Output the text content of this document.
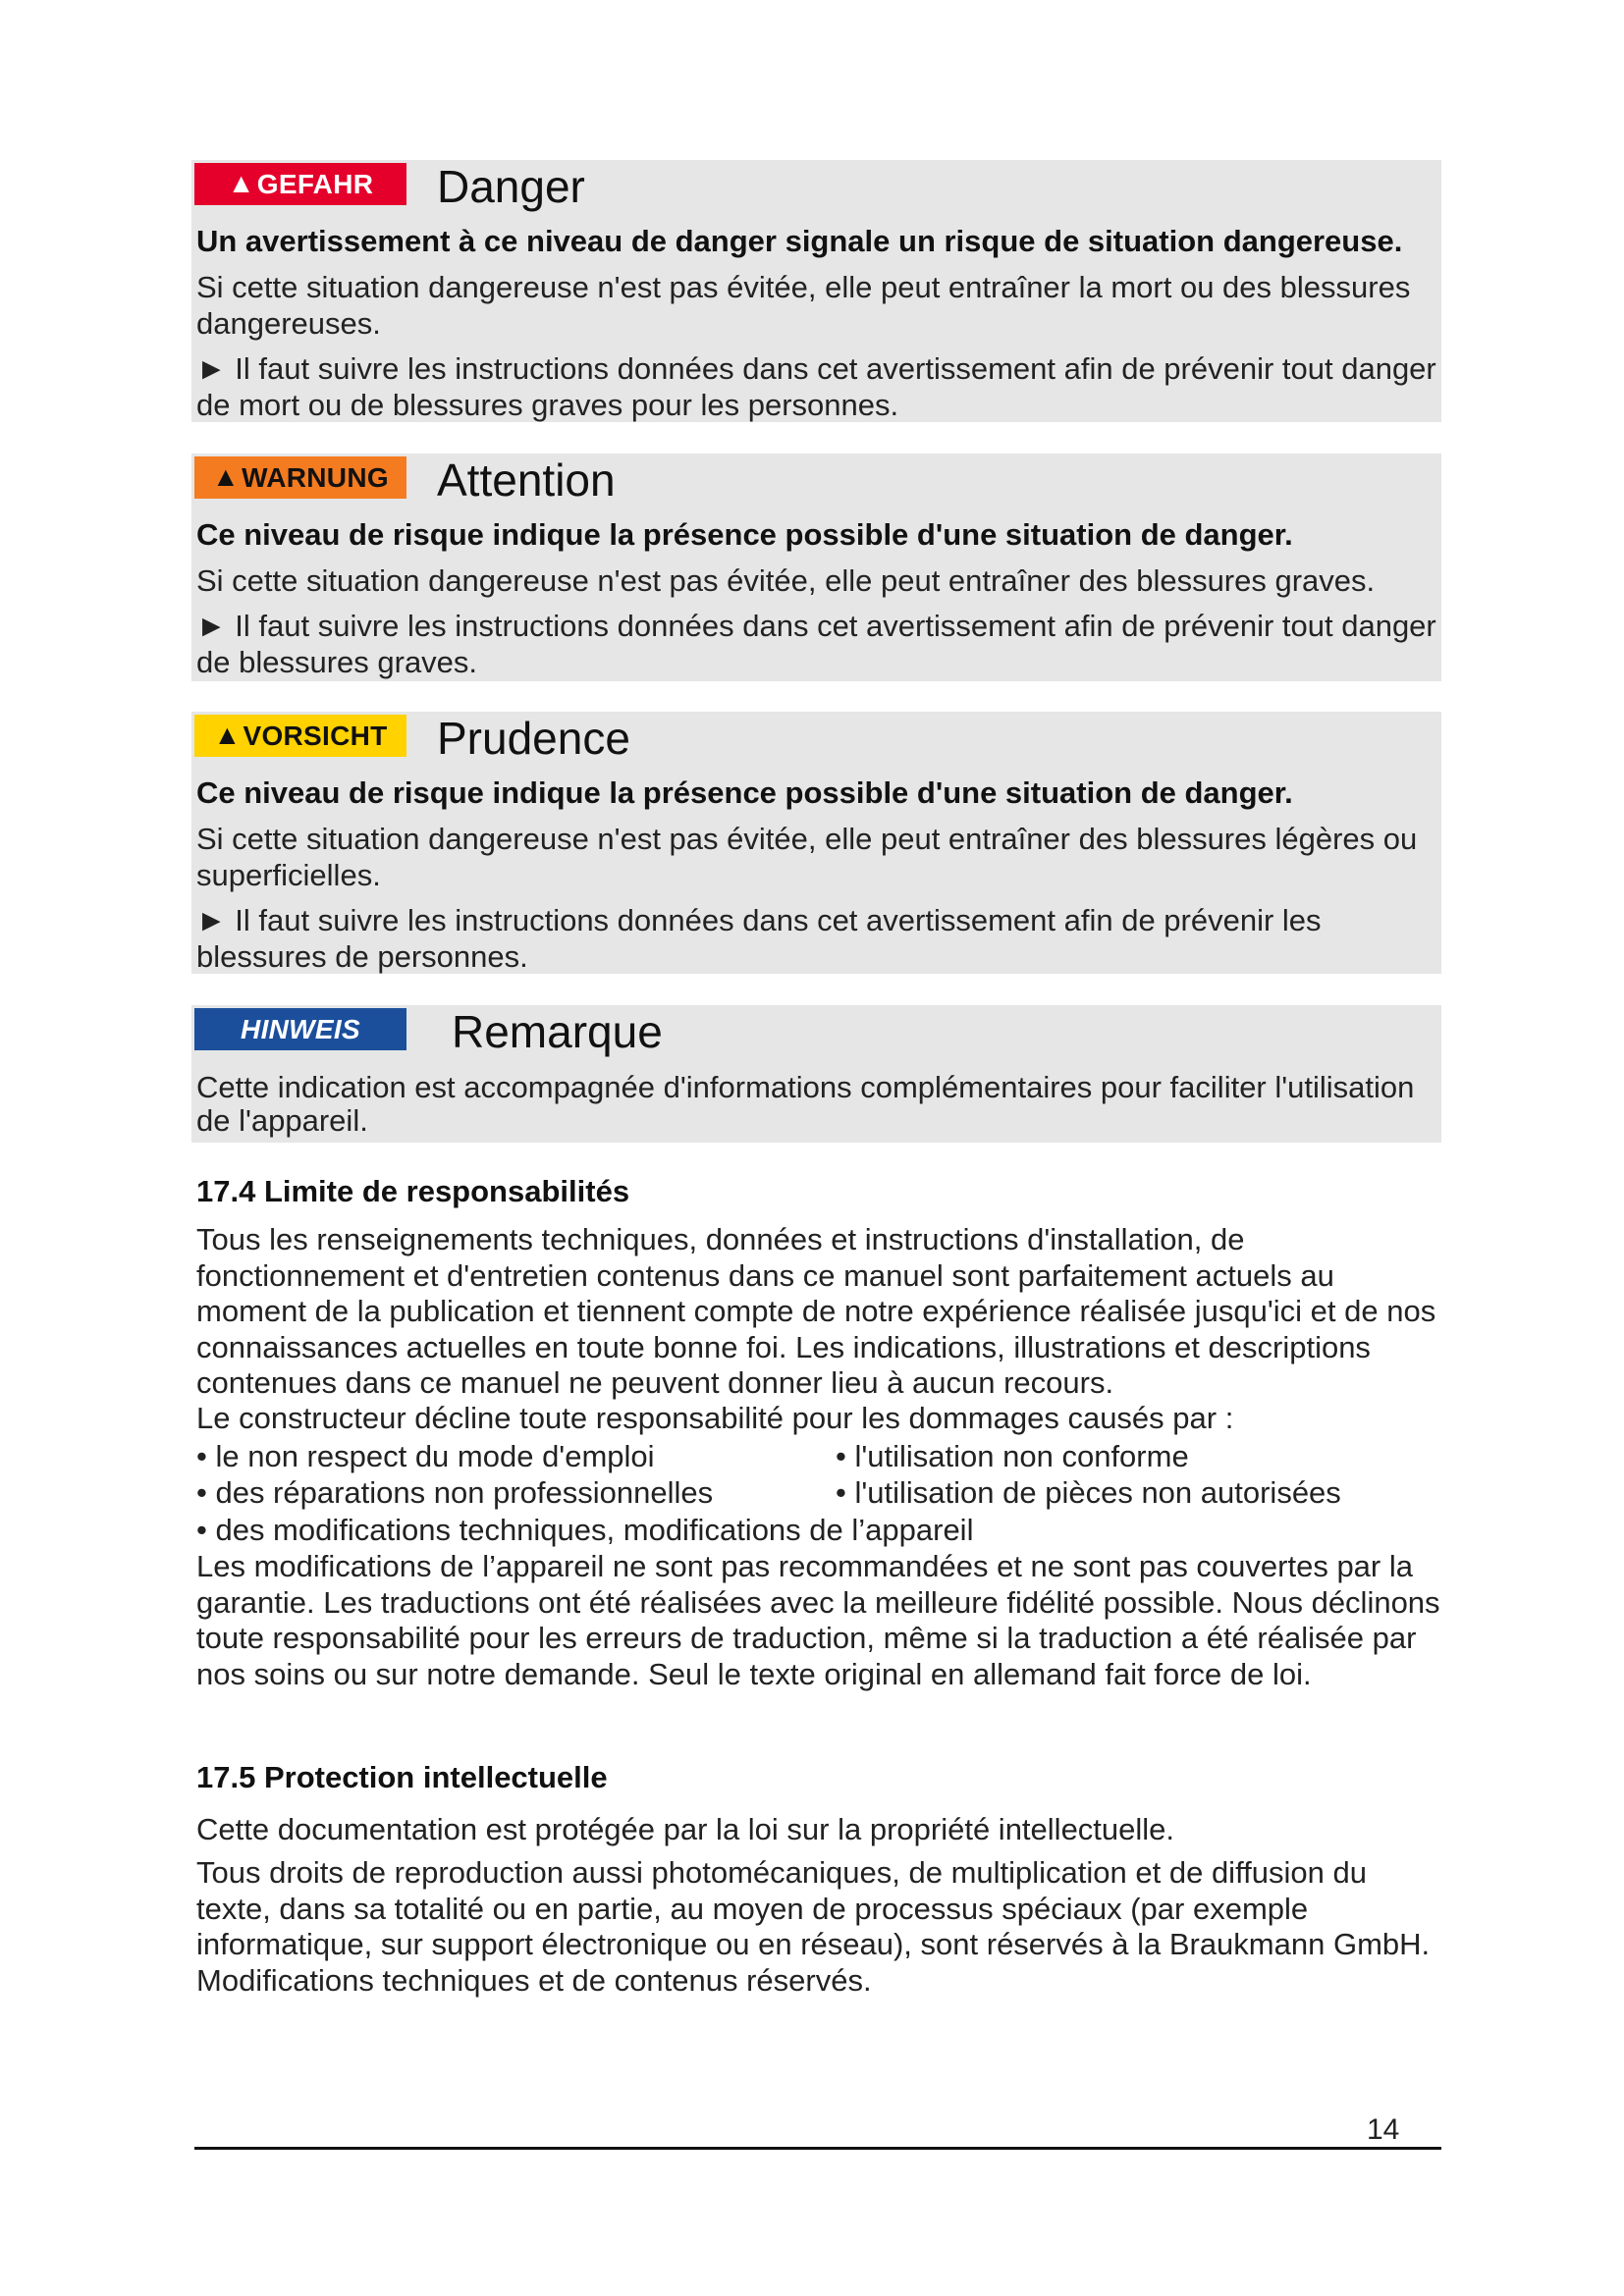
▲ GEFAHR Danger
Un avertissement à ce niveau de danger signale un risque de situation dangereuse.
Si cette situation dangereuse n'est pas évitée, elle peut entraîner la mort ou des blessures dangereuses.
► Il faut suivre les instructions données dans cet avertissement afin de prévenir tout danger de mort ou de blessures graves pour les personnes.
▲ WARNUNG Attention
Ce niveau de risque indique la présence possible d'une situation de danger.
Si cette situation dangereuse n'est pas évitée, elle peut entraîner des blessures graves.
► Il faut suivre les instructions données dans cet avertissement afin de prévenir tout danger de blessures graves.
▲ VORSICHT Prudence
Ce niveau de risque indique la présence possible d'une situation de danger.
Si cette situation dangereuse n'est pas évitée, elle peut entraîner des blessures légères ou superficielles.
► Il faut suivre les instructions données dans cet avertissement afin de prévenir les blessures de personnes.
HINWEIS Remarque
Cette indication est accompagnée d'informations complémentaires pour faciliter l'utilisation de l'appareil.
17.4 Limite de responsabilités

Tous les renseignements techniques, données et instructions d'installation, de fonctionnement et d'entretien contenus dans ce manuel sont parfaitement actuels au moment de la publication et tiennent compte de notre expérience réalisée jusqu'ici et de nos connaissances actuelles en toute bonne foi. Les indications, illustrations et descriptions contenues dans ce manuel ne peuvent donner lieu à aucun recours.

Le constructeur décline toute responsabilité pour les dommages causés par :

• le non respect du mode d'emploi	• l'utilisation non conforme
• des réparations non professionnelles	• l'utilisation de pièces non autorisées
• des modifications techniques, modifications de l’appareil

Les modifications de l’appareil ne sont pas recommandées et ne sont pas couvertes par la garantie. Les traductions ont été réalisées avec la meilleure fidélité possible. Nous déclinons toute responsabilité pour les erreurs de traduction, même si la traduction a été réalisée par nos soins ou sur notre demande. Seul le texte original en allemand fait force de loi.

17.5 Protection intellectuelle

Cette documentation est protégée par la loi sur la propriété intellectuelle.

Tous droits de reproduction aussi photomécaniques, de multiplication et de diffusion du texte, dans sa totalité ou en partie, au moyen de processus spéciaux (par exemple informatique, sur support électronique ou en réseau), sont réservés à la Braukmann GmbH. Modifications techniques et de contenus réservés.

14
